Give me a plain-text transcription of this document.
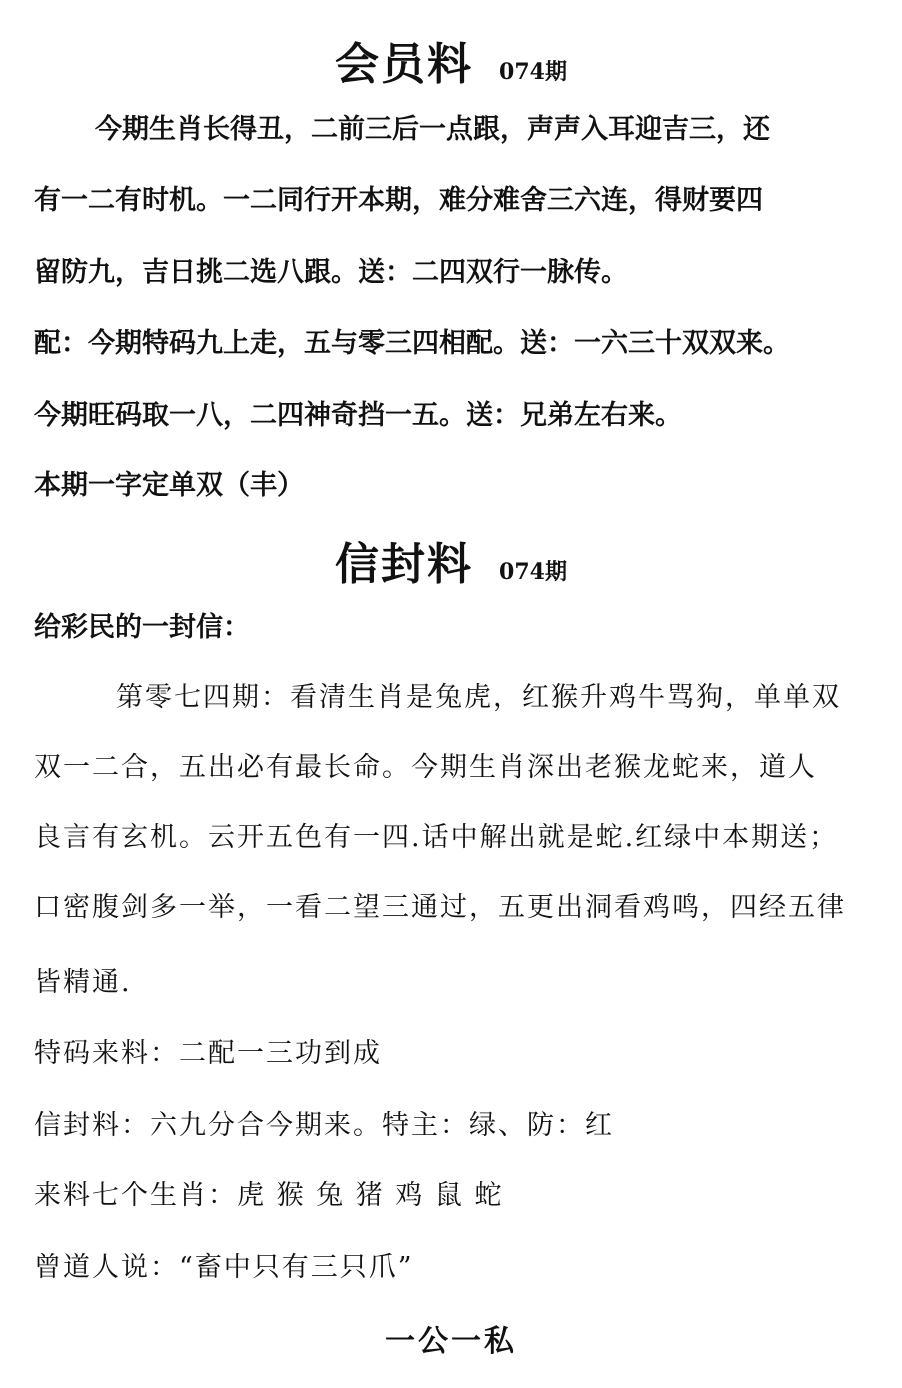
会员料 074期
今期生肖长得丑，二前三后一点跟，声声入耳迎吉三，还
有一二有时机。一二同行开本期，难分难舍三六连，得财要四
留防九，吉日挑二选八跟。送：二四双行一脉传。
配：今期特码九上走，五与零三四相配。送：一六三十双双来。
今期旺码取一八，二四神奇挡一五。送：兄弟左右来。
本期一字定单双（丰）
信封料 074期
给彩民的一封信：
第零七四期：看清生肖是兔虎，红猴升鸡牛骂狗，单单双
双一二合，五出必有最长命。今期生肖深出老猴龙蛇来，道人
良言有玄机。云开五色有一四.话中解出就是蛇.红绿中本期送；
口密腹剑多一举，一看二望三通过，五更出洞看鸡鸣，四经五律
皆精通.
特码来料：二配一三功到成
信封料：六九分合今期来。特主：绿、防：红
来料七个生肖：虎 猴 兔 猪 鸡 鼠 蛇
曾道人说：“畜中只有三只爪”
一公一私
